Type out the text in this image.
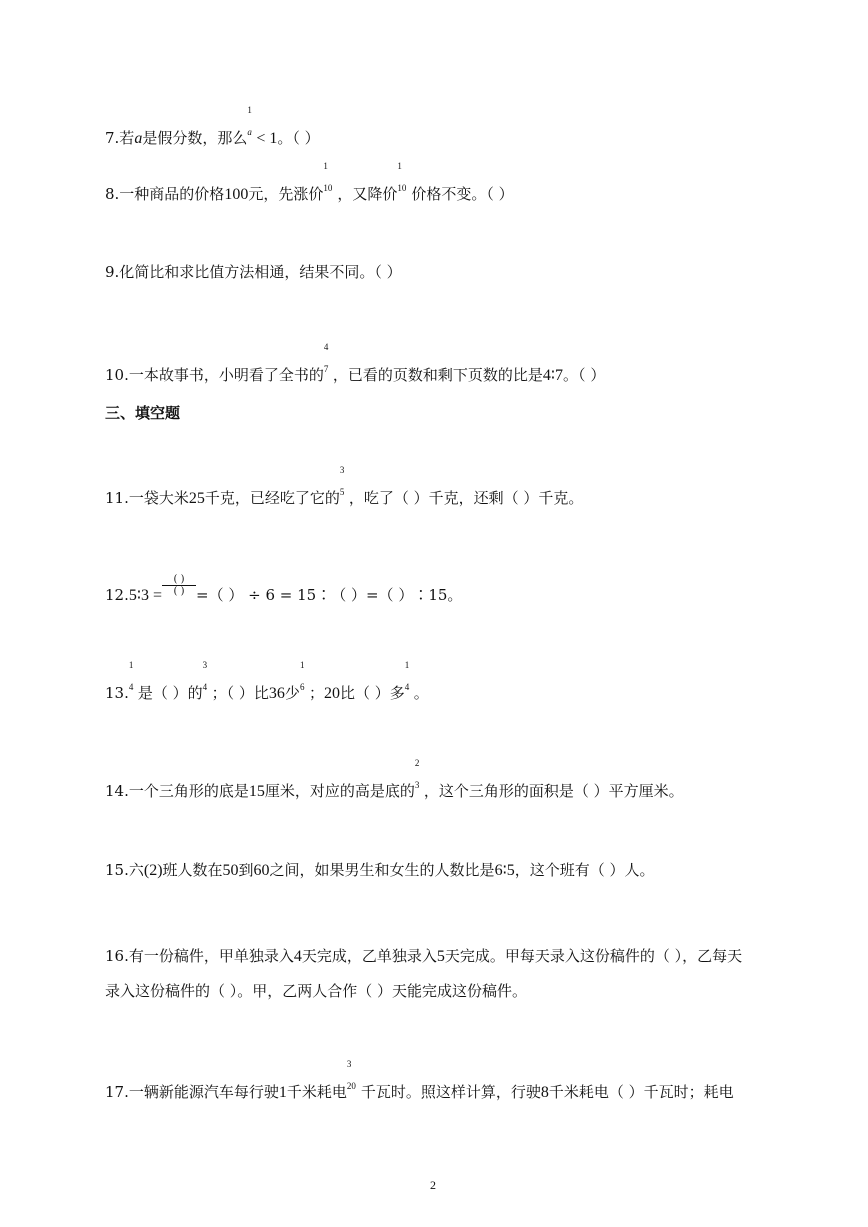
7.若a是假分数，那么
1
a < 1。（ ）
8.一种商品的价格100元，先涨价
1
10 ，又降价
1
10 价格不变。（ ）
9.化简比和求比值方法相通，结果不同。（ ）
10.一本故事书，小明看了全书的
4
7 ，已看的页数和剩下页数的比是4∶7。（ ）
三、填空题
11.一袋大米25千克，已经吃了它的
3
5 ，吃了（ ）千克，还剩（ ）千克。
12.5∶3 =
( )
( ) =（ ） ÷ 6 = 15∶（ ）=（ ）∶15。
13.
1
4 是（ ）的
3
4 ；（ ）比36少
1
6 ；20比（ ）多
1
4 。
14.一个三角形的底是15厘米，对应的高是底的
2
3 ，这个三角形的面积是（ ）平方厘米。
15.六(2)班人数在50到60之间，如果男生和女生的人数比是6∶5，这个班有（ ）人。
16.有一份稿件，甲单独录入4天完成，乙单独录入5天完成。甲每天录入这份稿件的（ ），乙每天
录入这份稿件的（ ）。甲，乙两人合作（ ）天能完成这份稿件。
17.一辆新能源汽车每行驶1千米耗电
3
20 千瓦时。照这样计算，行驶8千米耗电（ ）千瓦时；耗电
2
